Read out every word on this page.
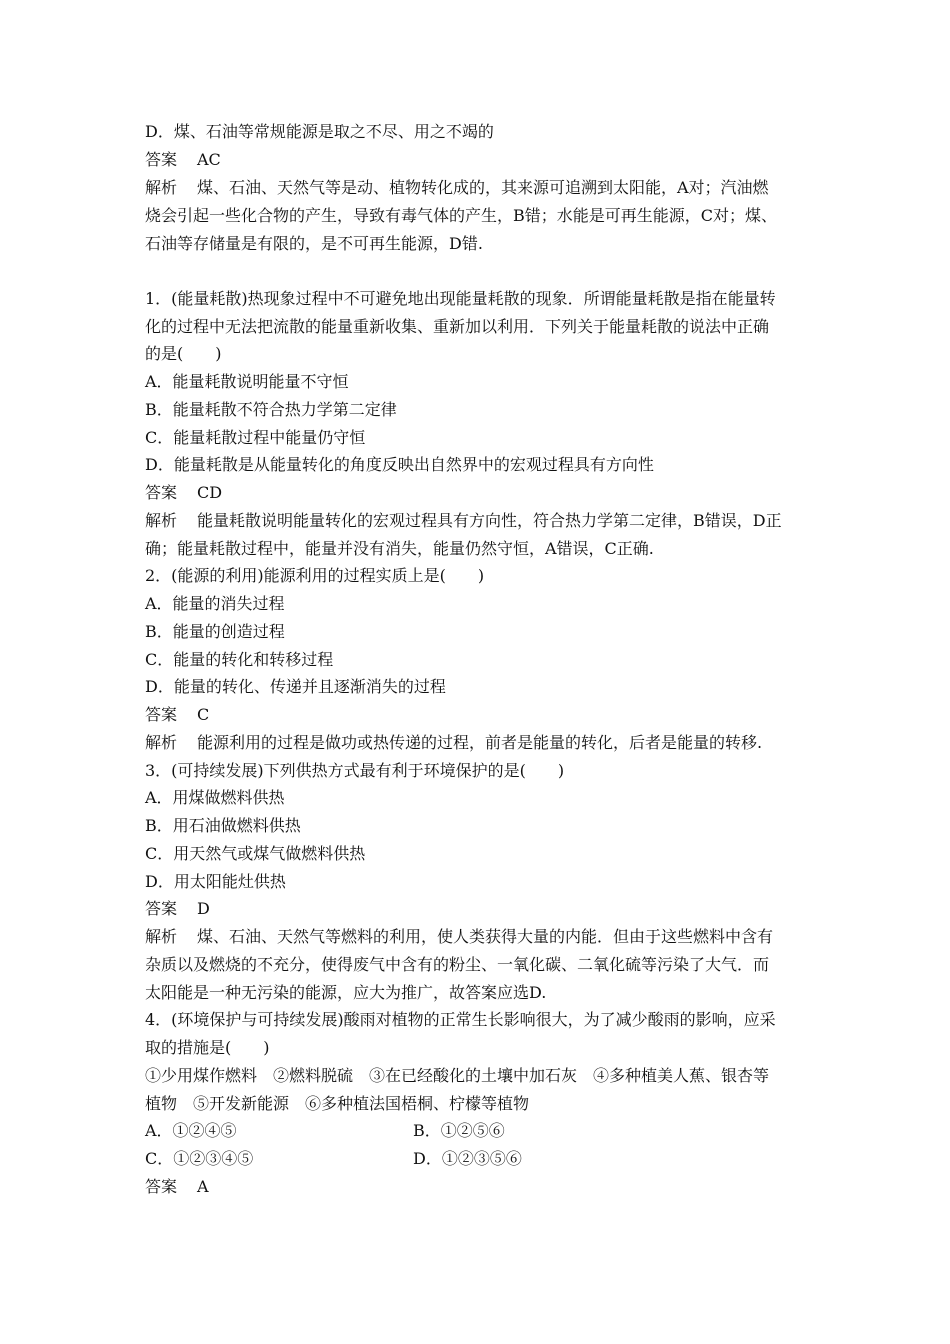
D．煤、石油等常规能源是取之不尽、用之不竭的
答案 AC
解析 煤、石油、天然气等是动、植物转化成的，其来源可追溯到太阳能，A对；汽油燃
烧会引起一些化合物的产生，导致有毒气体的产生，B错；水能是可再生能源，C对；煤、
石油等存储量是有限的，是不可再生能源，D错.
1．(能量耗散)热现象过程中不可避免地出现能量耗散的现象．所谓能量耗散是指在能量转
化的过程中无法把流散的能量重新收集、重新加以利用．下列关于能量耗散的说法中正确
的是(　　)
A．能量耗散说明能量不守恒
B．能量耗散不符合热力学第二定律
C．能量耗散过程中能量仍守恒
D．能量耗散是从能量转化的角度反映出自然界中的宏观过程具有方向性
答案 CD
解析 能量耗散说明能量转化的宏观过程具有方向性，符合热力学第二定律，B错误，D正
确；能量耗散过程中，能量并没有消失，能量仍然守恒，A错误，C正确.
2．(能源的利用)能源利用的过程实质上是(　　)
A．能量的消失过程
B．能量的创造过程
C．能量的转化和转移过程
D．能量的转化、传递并且逐渐消失的过程
答案 C
解析 能源利用的过程是做功或热传递的过程，前者是能量的转化，后者是能量的转移.
3．(可持续发展)下列供热方式最有利于环境保护的是(　　)
A．用煤做燃料供热
B．用石油做燃料供热
C．用天然气或煤气做燃料供热
D．用太阳能灶供热
答案 D
解析 煤、石油、天然气等燃料的利用，使人类获得大量的内能．但由于这些燃料中含有
杂质以及燃烧的不充分，使得废气中含有的粉尘、一氧化碳、二氧化硫等污染了大气．而
太阳能是一种无污染的能源，应大为推广，故答案应选D.
4．(环境保护与可持续发展)酸雨对植物的正常生长影响很大，为了减少酸雨的影响，应采
取的措施是(　　)
①少用煤作燃料　②燃料脱硫　③在已经酸化的土壤中加石灰　④多种植美人蕉、银杏等
植物　⑤开发新能源　⑥多种植法国梧桐、柠檬等植物
A．①②④⑤	B．①②⑤⑥
C．①②③④⑤	D．①②③⑤⑥
答案 A
